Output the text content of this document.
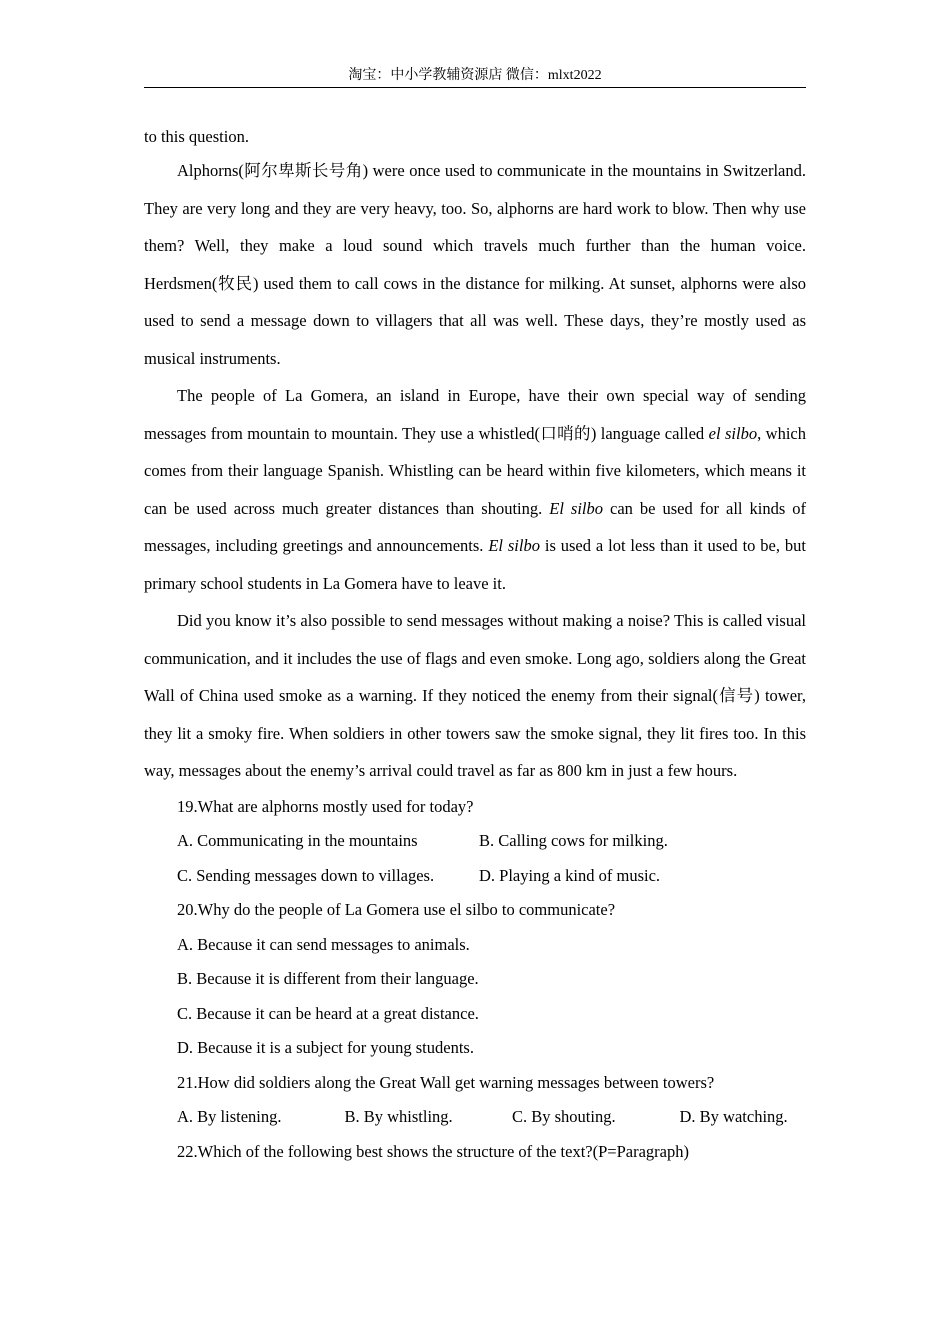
淘宝：中小学教辅资源店 微信：mlxt2022

to this question.

Alphorns(阿尔卑斯长号角) were once used to communicate in the mountains in Switzerland. They are very long and they are very heavy, too. So, alphorns are hard work to blow. Then why use them? Well, they make a loud sound which travels much further than the human voice. Herdsmen(牧民) used them to call cows in the distance for milking. At sunset, alphorns were also used to send a message down to villagers that all was well. These days, they’re mostly used as musical instruments.

The people of La Gomera, an island in Europe, have their own special way of sending messages from mountain to mountain. They use a whistled(口哨的) language called el silbo, which comes from their language Spanish. Whistling can be heard within five kilometers, which means it can be used across much greater distances than shouting. El silbo can be used for all kinds of messages, including greetings and announcements. El silbo is used a lot less than it used to be, but primary school students in La Gomera have to leave it.

Did you know it’s also possible to send messages without making a noise? This is called visual communication, and it includes the use of flags and even smoke. Long ago, soldiers along the Great Wall of China used smoke as a warning. If they noticed the enemy from their signal(信号) tower, they lit a smoky fire. When soldiers in other towers saw the smoke signal, they lit fires too. In this way, messages about the enemy’s arrival could travel as far as 800 km in just a few hours.

19.What are alphorns mostly used for today?

A. Communicating in the mountains	B. Calling cows for milking.
C. Sending messages down to villages.	D. Playing a kind of music.

20.Why do the people of La Gomera use el silbo to communicate?

A. Because it can send messages to animals.

B. Because it is different from their language.

C. Because it can be heard at a great distance.

D. Because it is a subject for young students.

21.How did soldiers along the Great Wall get warning messages between towers?

A. By listening.	B. By whistling.	C. By shouting.	D. By watching.

22.Which of the following best shows the structure of the text?(P=Paragraph)
